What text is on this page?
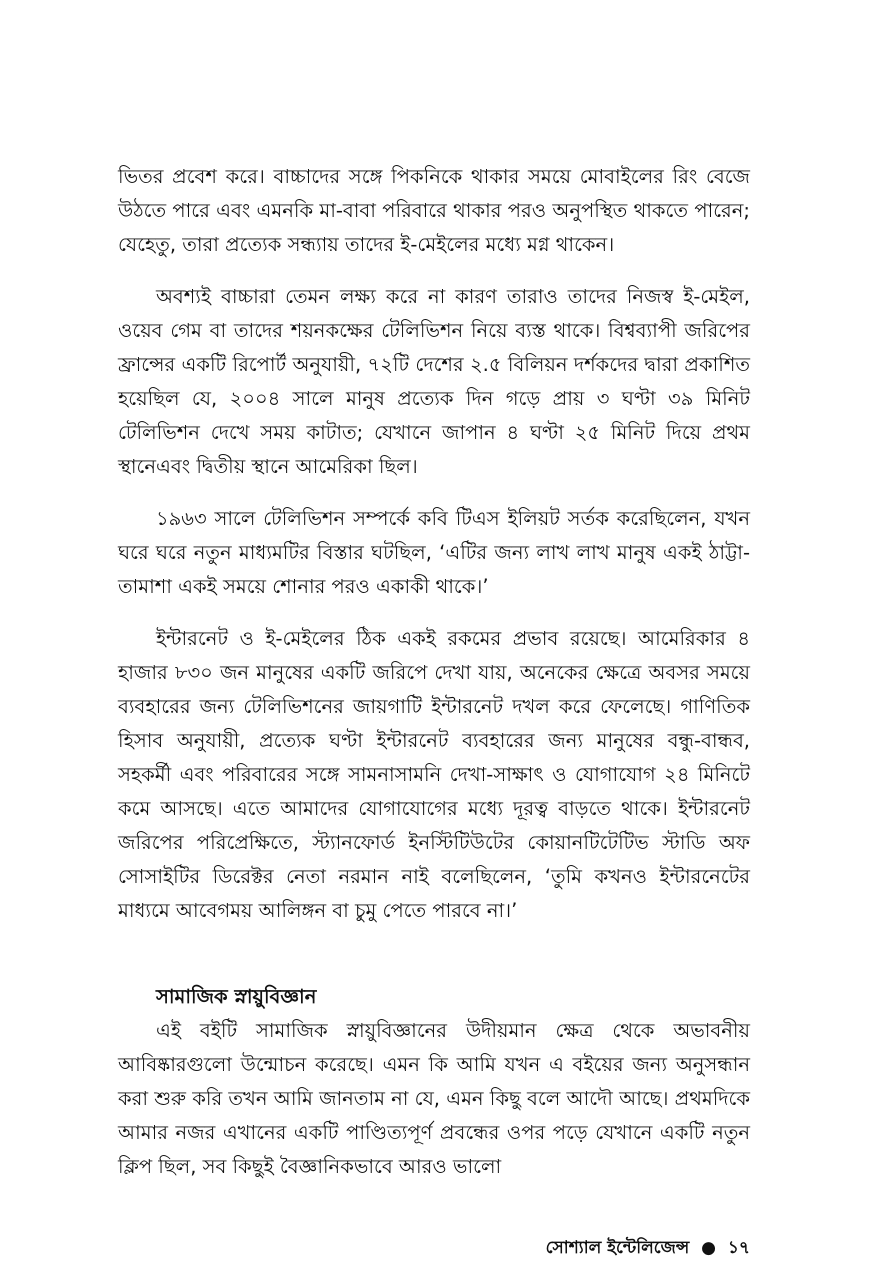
ভিতর প্রবেশ করে। বাচ্চাদের সঙ্গে পিকনিকে থাকার সময়ে মোবাইলের রিং বেজে উঠতে পারে এবং এমনকি মা-বাবা পরিবারে থাকার পরও অনুপস্থিত থাকতে পারেন; যেহেতু, তারা প্রত্যেক সন্ধ্যায় তাদের ই-মেইলের মধ্যে মগ্ন থাকেন।

অবশ্যই বাচ্চারা তেমন লক্ষ্য করে না কারণ তারাও তাদের নিজস্ব ই-মেইল, ওয়েব গেম বা তাদের শয়নকক্ষের টেলিভিশন নিয়ে ব্যস্ত থাকে। বিশ্বব্যাপী জরিপের ফ্রান্সের একটি রিপোর্ট অনুযায়ী, ৭২টি দেশের ২.৫ বিলিয়ন দর্শকদের দ্বারা প্রকাশিত হয়েছিল যে, ২০০৪ সালে মানুষ প্রত্যেক দিন গড়ে প্রায় ৩ ঘণ্টা ৩৯ মিনিট টেলিভিশন দেখে সময় কাটাত; যেখানে জাপান ৪ ঘণ্টা ২৫ মিনিট দিয়ে প্রথম স্থানেএবং দ্বিতীয় স্থানে আমেরিকা ছিল।

১৯৬৩ সালে টেলিভিশন সম্পর্কে কবি টিএস ইলিয়ট সর্তক করেছিলেন, যখন ঘরে ঘরে নতুন মাধ্যমটির বিস্তার ঘটছিল, ‘এটির জন্য লাখ লাখ মানুষ একই ঠাট্টা-তামাশা একই সময়ে শোনার পরও একাকী থাকে।’

ইন্টারনেট ও ই-মেইলের ঠিক একই রকমের প্রভাব রয়েছে। আমেরিকার ৪ হাজার ৮৩০ জন মানুষের একটি জরিপে দেখা যায়, অনেকের ক্ষেত্রে অবসর সময়ে ব্যবহারের জন্য টেলিভিশনের জায়গাটি ইন্টারনেট দখল করে ফেলেছে। গাণিতিক হিসাব অনুযায়ী, প্রত্যেক ঘণ্টা ইন্টারনেট ব্যবহারের জন্য মানুষের বন্ধু-বান্ধব, সহকর্মী এবং পরিবারের সঙ্গে সামনাসামনি দেখা-সাক্ষাৎ ও যোগাযোগ ২৪ মিনিটে কমে আসছে। এতে আমাদের যোগাযোগের মধ্যে দূরত্ব বাড়তে থাকে। ইন্টারনেট জরিপের পরিপ্রেক্ষিতে, স্ট্যানফোর্ড ইনস্টিটিউটের কোয়ানটিটেটিভ স্টাডি অফ সোসাইটির ডিরেক্টর নেতা নরমান নাই বলেছিলেন, ‘তুমি কখনও ইন্টারনেটের মাধ্যমে আবেগময় আলিঙ্গন বা চুমু পেতে পারবে না।’

সামাজিক স্নায়ুবিজ্ঞান

এই বইটি সামাজিক স্নায়ুবিজ্ঞানের উদীয়মান ক্ষেত্র থেকে অভাবনীয় আবিষ্কারগুলো উন্মোচন করেছে। এমন কি আমি যখন এ বইয়ের জন্য অনুসন্ধান করা শুরু করি তখন আমি জানতাম না যে, এমন কিছু বলে আদৌ আছে। প্রথমদিকে আমার নজর এখানের একটি পাণ্ডিত্যপূর্ণ প্রবন্ধের ওপর পড়ে যেখানে একটি নতুন ক্লিপ ছিল, সব কিছুই বৈজ্ঞানিকভাবে আরও ভালো

সোশ্যাল ইন্টেলিজেন্স ● ১৭
